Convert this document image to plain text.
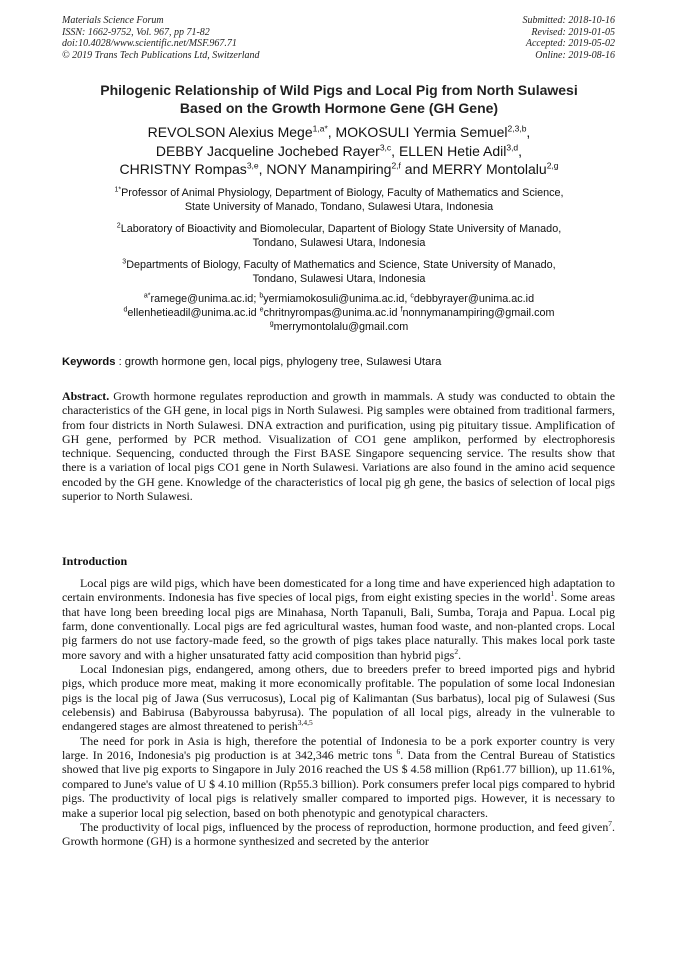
Materials Science Forum
ISSN: 1662-9752, Vol. 967, pp 71-82
doi:10.4028/www.scientific.net/MSF.967.71
© 2019 Trans Tech Publications Ltd, Switzerland
Submitted: 2018-10-16
Revised: 2019-01-05
Accepted: 2019-05-02
Online: 2019-08-16
Philogenic Relationship of Wild Pigs and Local Pig from North Sulawesi
Based on the Growth Hormone Gene (GH Gene)
REVOLSON Alexius Mege$^{1,a*}$, MOKOSULI Yermia Semuel$^{2,3,b}$,
DEBBY Jacqueline Jochebed Rayer$^{3,c}$, ELLEN Hetie Adil$^{3,d}$,
CHRISTNY Rompas$^{3,e}$, NONY Manampiring$^{2,f}$ and MERRY Montolalu$^{2,g}$
$^{1*}$Professor of Animal Physiology, Department of Biology, Faculty of Mathematics and Science,
State University of Manado, Tondano, Sulawesi Utara, Indonesia
$^2$Laboratory of Bioactivity and Biomolecular, Dapartent of Biology State University of Manado,
Tondano, Sulawesi Utara, Indonesia
$^3$Departments of Biology, Faculty of Mathematics and Science, State University of Manado,
Tondano, Sulawesi Utara, Indonesia
$^{a*}$ramege@unima.ac.id; $^b$yermiamokosuli@unima.ac.id, $^c$debbyrayer@unima.ac.id
$^d$ellenhetieadil@unima.ac.id $^e$chritnyrompas@unima.ac.id $^f$nonnymanampiring@gmail.com
$^g$merrymontolalu@gmail.com
Keywords : growth hormone gen, local pigs, phylogeny tree, Sulawesi Utara
Abstract. Growth hormone regulates reproduction and growth in mammals. A study was conducted to obtain the characteristics of the GH gene, in local pigs in North Sulawesi. Pig samples were obtained from traditional farmers, from four districts in North Sulawesi. DNA extraction and purification, using pig pituitary tissue. Amplification of GH gene, performed by PCR method. Visualization of CO1 gene amplikon, performed by electrophoresis technique. Sequencing, conducted through the First BASE Singapore sequencing service. The results show that there is a variation of local pigs CO1 gene in North Sulawesi. Variations are also found in the amino acid sequence encoded by the GH gene. Knowledge of the characteristics of local pig gh gene, the basics of selection of local pigs superior to North Sulawesi.
Introduction

Local pigs are wild pigs, which have been domesticated for a long time and have experienced high adaptation to certain environments. Indonesia has five species of local pigs, from eight existing species in the world$^1$. Some areas that have long been breeding local pigs are Minahasa, North Tapanuli, Bali, Sumba, Toraja and Papua. Local pig farm, done conventionally. Local pigs are fed agricultural wastes, human food waste, and non-planted crops. Local pig farmers do not use factory-made feed, so the growth of pigs takes place naturally. This makes local pork taste more savory and with a higher unsaturated fatty acid composition than hybrid pigs$^2$.

Local Indonesian pigs, endangered, among others, due to breeders prefer to breed imported pigs and hybrid pigs, which produce more meat, making it more economically profitable. The population of some local Indonesian pigs is the local pig of Jawa (Sus verrucosus), Local pig of Kalimantan (Sus barbatus), local pig of Sulawesi (Sus celebensis) and Babirusa (Babyroussa babyrusa). The population of all local pigs, already in the vulnerable to endangered stages are almost threatened to perish$^{3,4,5}$

The need for pork in Asia is high, therefore the potential of Indonesia to be a pork exporter country is very large. In 2016, Indonesia's pig production is at 342,346 metric tons $^6$. Data from the Central Bureau of Statistics showed that live pig exports to Singapore in July 2016 reached the US $ 4.58 million (Rp61.77 billion), up 11.61%, compared to June's value of U $ 4.10 million (Rp55.3 billion). Pork consumers prefer local pigs compared to hybrid pigs. The productivity of local pigs is relatively smaller compared to imported pigs. However, it is necessary to make a superior local pig selection, based on both phenotypic and genotypical characters.

The productivity of local pigs, influenced by the process of reproduction, hormone production, and feed given$^7$. Growth hormone (GH) is a hormone synthesized and secreted by the anterior
